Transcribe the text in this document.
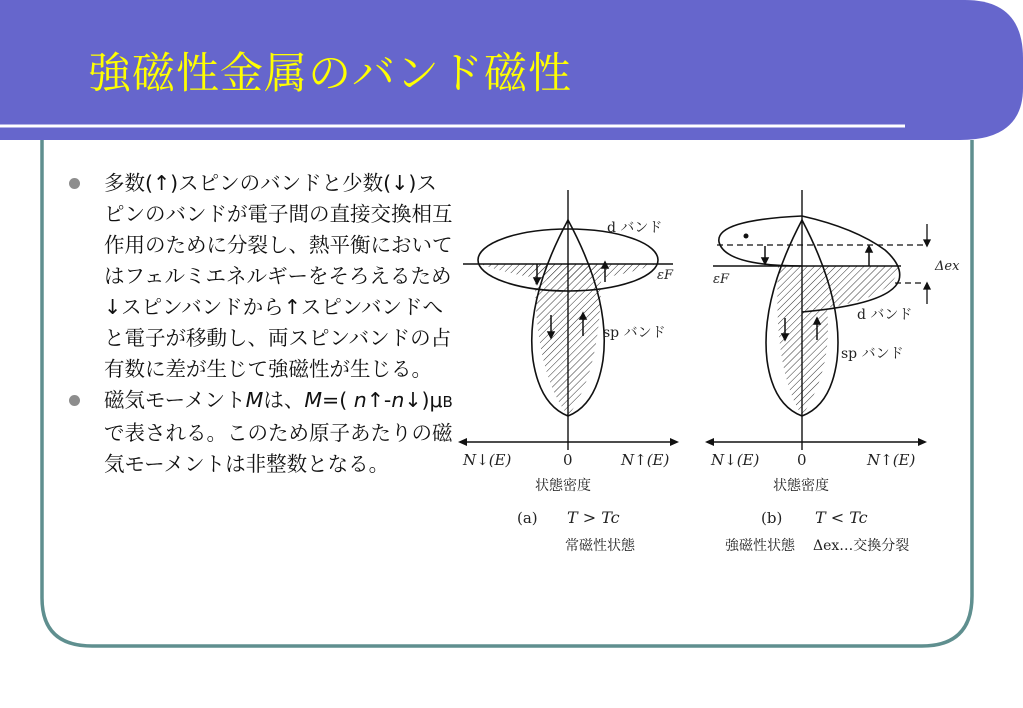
強磁性金属のバンド磁性
多数(↑)スピンのバンドと少数(↓)スピンのバンドが電子間の直接交換相互作用のために分裂し、熱平衡においてはフェルミエネルギーをそろえるため↓スピンバンドから↑スピンバンドへと電子が移動し、両スピンバンドの占有数に差が生じて強磁性が生じる。
磁気モーメントMは、M=( n↑-n↓)μBで表される。このため原子あたりの磁気モーメントは非整数となる。
d バンド
sp バンド
εF
N↓(E)	0	N↑(E)
状態密度
(a) T > Tc
常磁性状態
d バンド
sp バンド
εF
Δex
N↓(E)	0	N↑(E)
状態密度
(b) T < Tc
強磁性状態 Δex…交換分裂
